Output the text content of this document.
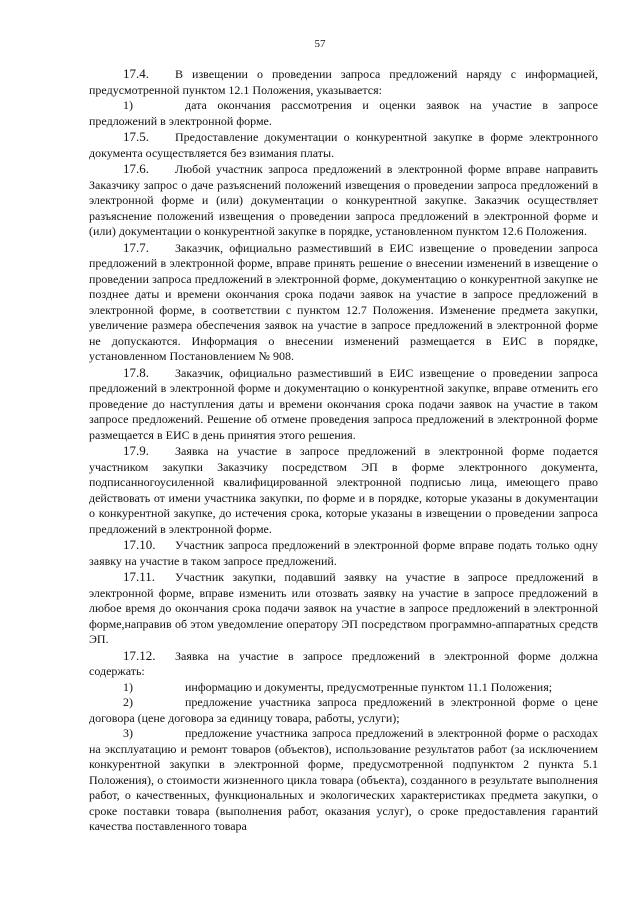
57

17.4. В извещении о проведении запроса предложений наряду с информацией, предусмотренной пунктом 12.1 Положения, указывается:

1)	дата окончания рассмотрения и оценки заявок на участие в запросе предложений в электронной форме.

17.5. Предоставление документации о конкурентной закупке в форме электронного документа осуществляется без взимания платы.

17.6. Любой участник запроса предложений в электронной форме вправе направить Заказчику запрос о даче разъяснений положений извещения о проведении запроса предложений в электронной форме и (или) документации о конкурентной закупке. Заказчик осуществляет разъяснение положений извещения о проведении запроса предложений в электронной форме и (или) документации о конкурентной закупке в порядке, установленном пунктом 12.6 Положения.

17.7. Заказчик, официально разместивший в ЕИС извещение о проведении запроса предложений в электронной форме, вправе принять решение о внесении изменений в извещение о проведении запроса предложений в электронной форме, документацию о конкурентной закупке не позднее даты и времени окончания срока подачи заявок на участие в запросе предложений в электронной форме, в соответствии с пунктом 12.7 Положения. Изменение предмета закупки, увеличение размера обеспечения заявок на участие в запросе предложений в электронной форме не допускаются. Информация о внесении изменений размещается в ЕИС в порядке, установленном Постановлением № 908.

17.8. Заказчик, официально разместивший в ЕИС извещение о проведении запроса предложений в электронной форме и документацию о конкурентной закупке, вправе отменить его проведение до наступления даты и времени окончания срока подачи заявок на участие в таком запросе предложений. Решение об отмене проведения запроса предложений в электронной форме размещается в ЕИС в день принятия этого решения.

17.9. Заявка на участие в запросе предложений в электронной форме подается участником закупки Заказчику посредством ЭП в форме электронного документа, подписанногоусиленной квалифицированной электронной подписью лица, имеющего право действовать от имени участника закупки, по форме и в порядке, которые указаны в документации о конкурентной закупке, до истечения срока, которые указаны в извещении о проведении запроса предложений в электронной форме.

17.10. Участник запроса предложений в электронной форме вправе подать только одну заявку на участие в таком запросе предложений.

17.11. Участник закупки, подавший заявку на участие в запросе предложений в электронной форме, вправе изменить или отозвать заявку на участие в запросе предложений в любое время до окончания срока подачи заявок на участие в запросе предложений в электронной форме,направив об этом уведомление оператору ЭП посредством программно-аппаратных средств ЭП.

17.12. Заявка на участие в запросе предложений в электронной форме должна содержать:

1)	информацию и документы, предусмотренные пунктом 11.1 Положения;

2)	предложение участника запроса предложений в электронной форме о цене договора (цене договора за единицу товара, работы, услуги);

3)	предложение участника запроса предложений в электронной форме о расходах на эксплуатацию и ремонт товаров (объектов), использование результатов работ (за исключением конкурентной закупки в электронной форме, предусмотренной подпунктом 2 пункта 5.1 Положения), о стоимости жизненного цикла товара (объекта), созданного в результате выполнения работ, о качественных, функциональных и экологических характеристиках предмета закупки, о сроке поставки товара (выполнения работ, оказания услуг), о сроке предоставления гарантий качества поставленного товара
